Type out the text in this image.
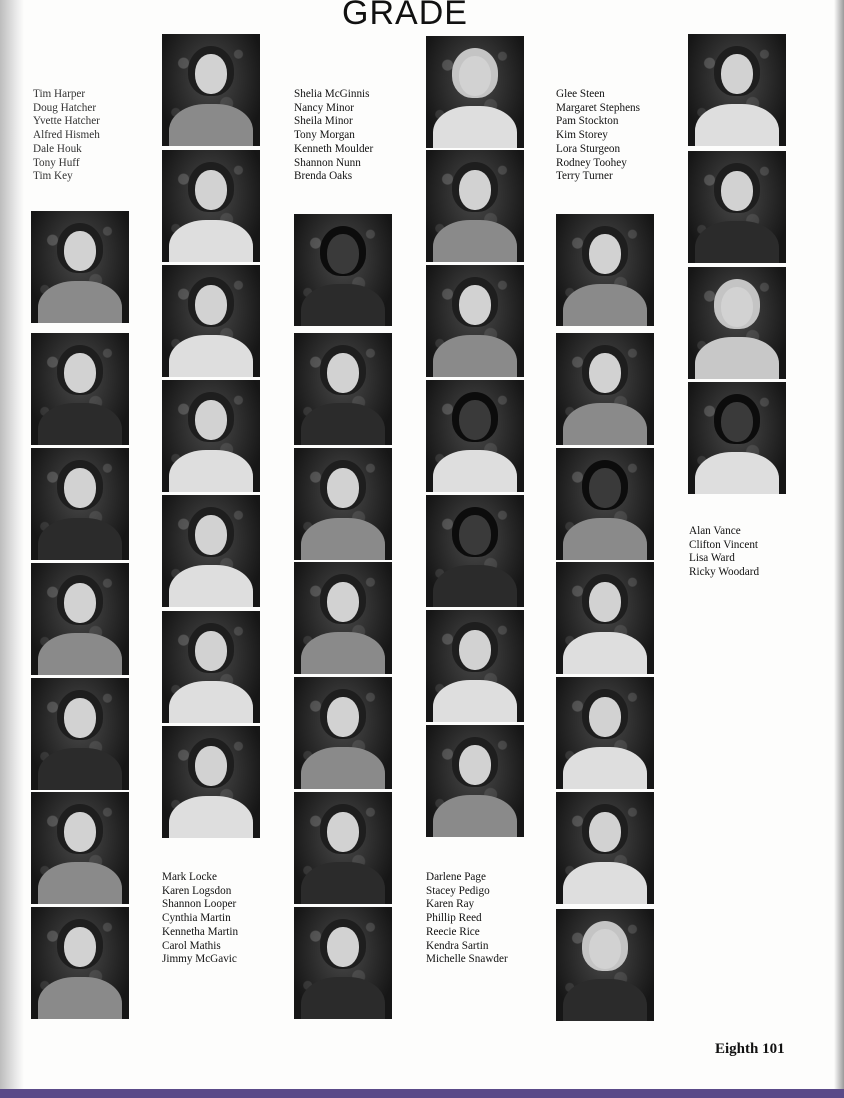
GRADE
Tim Harper
Doug Hatcher
Yvette Hatcher
Alfred Hismeh
Dale Houk
Tony Huff
Tim Key
Mark Locke
Karen Logsdon
Shannon Looper
Cynthia Martin
Kennetha Martin
Carol Mathis
Jimmy McGavic
Shelia McGinnis
Nancy Minor
Sheila Minor
Tony Morgan
Kenneth Moulder
Shannon Nunn
Brenda Oaks
Darlene Page
Stacey Pedigo
Karen Ray
Phillip Reed
Reecie Rice
Kendra Sartin
Michelle Snawder
Glee Steen
Margaret Stephens
Pam Stockton
Kim Storey
Lora Sturgeon
Rodney Toohey
Terry Turner
Alan Vance
Clifton Vincent
Lisa Ward
Ricky Woodard
Eighth 101
